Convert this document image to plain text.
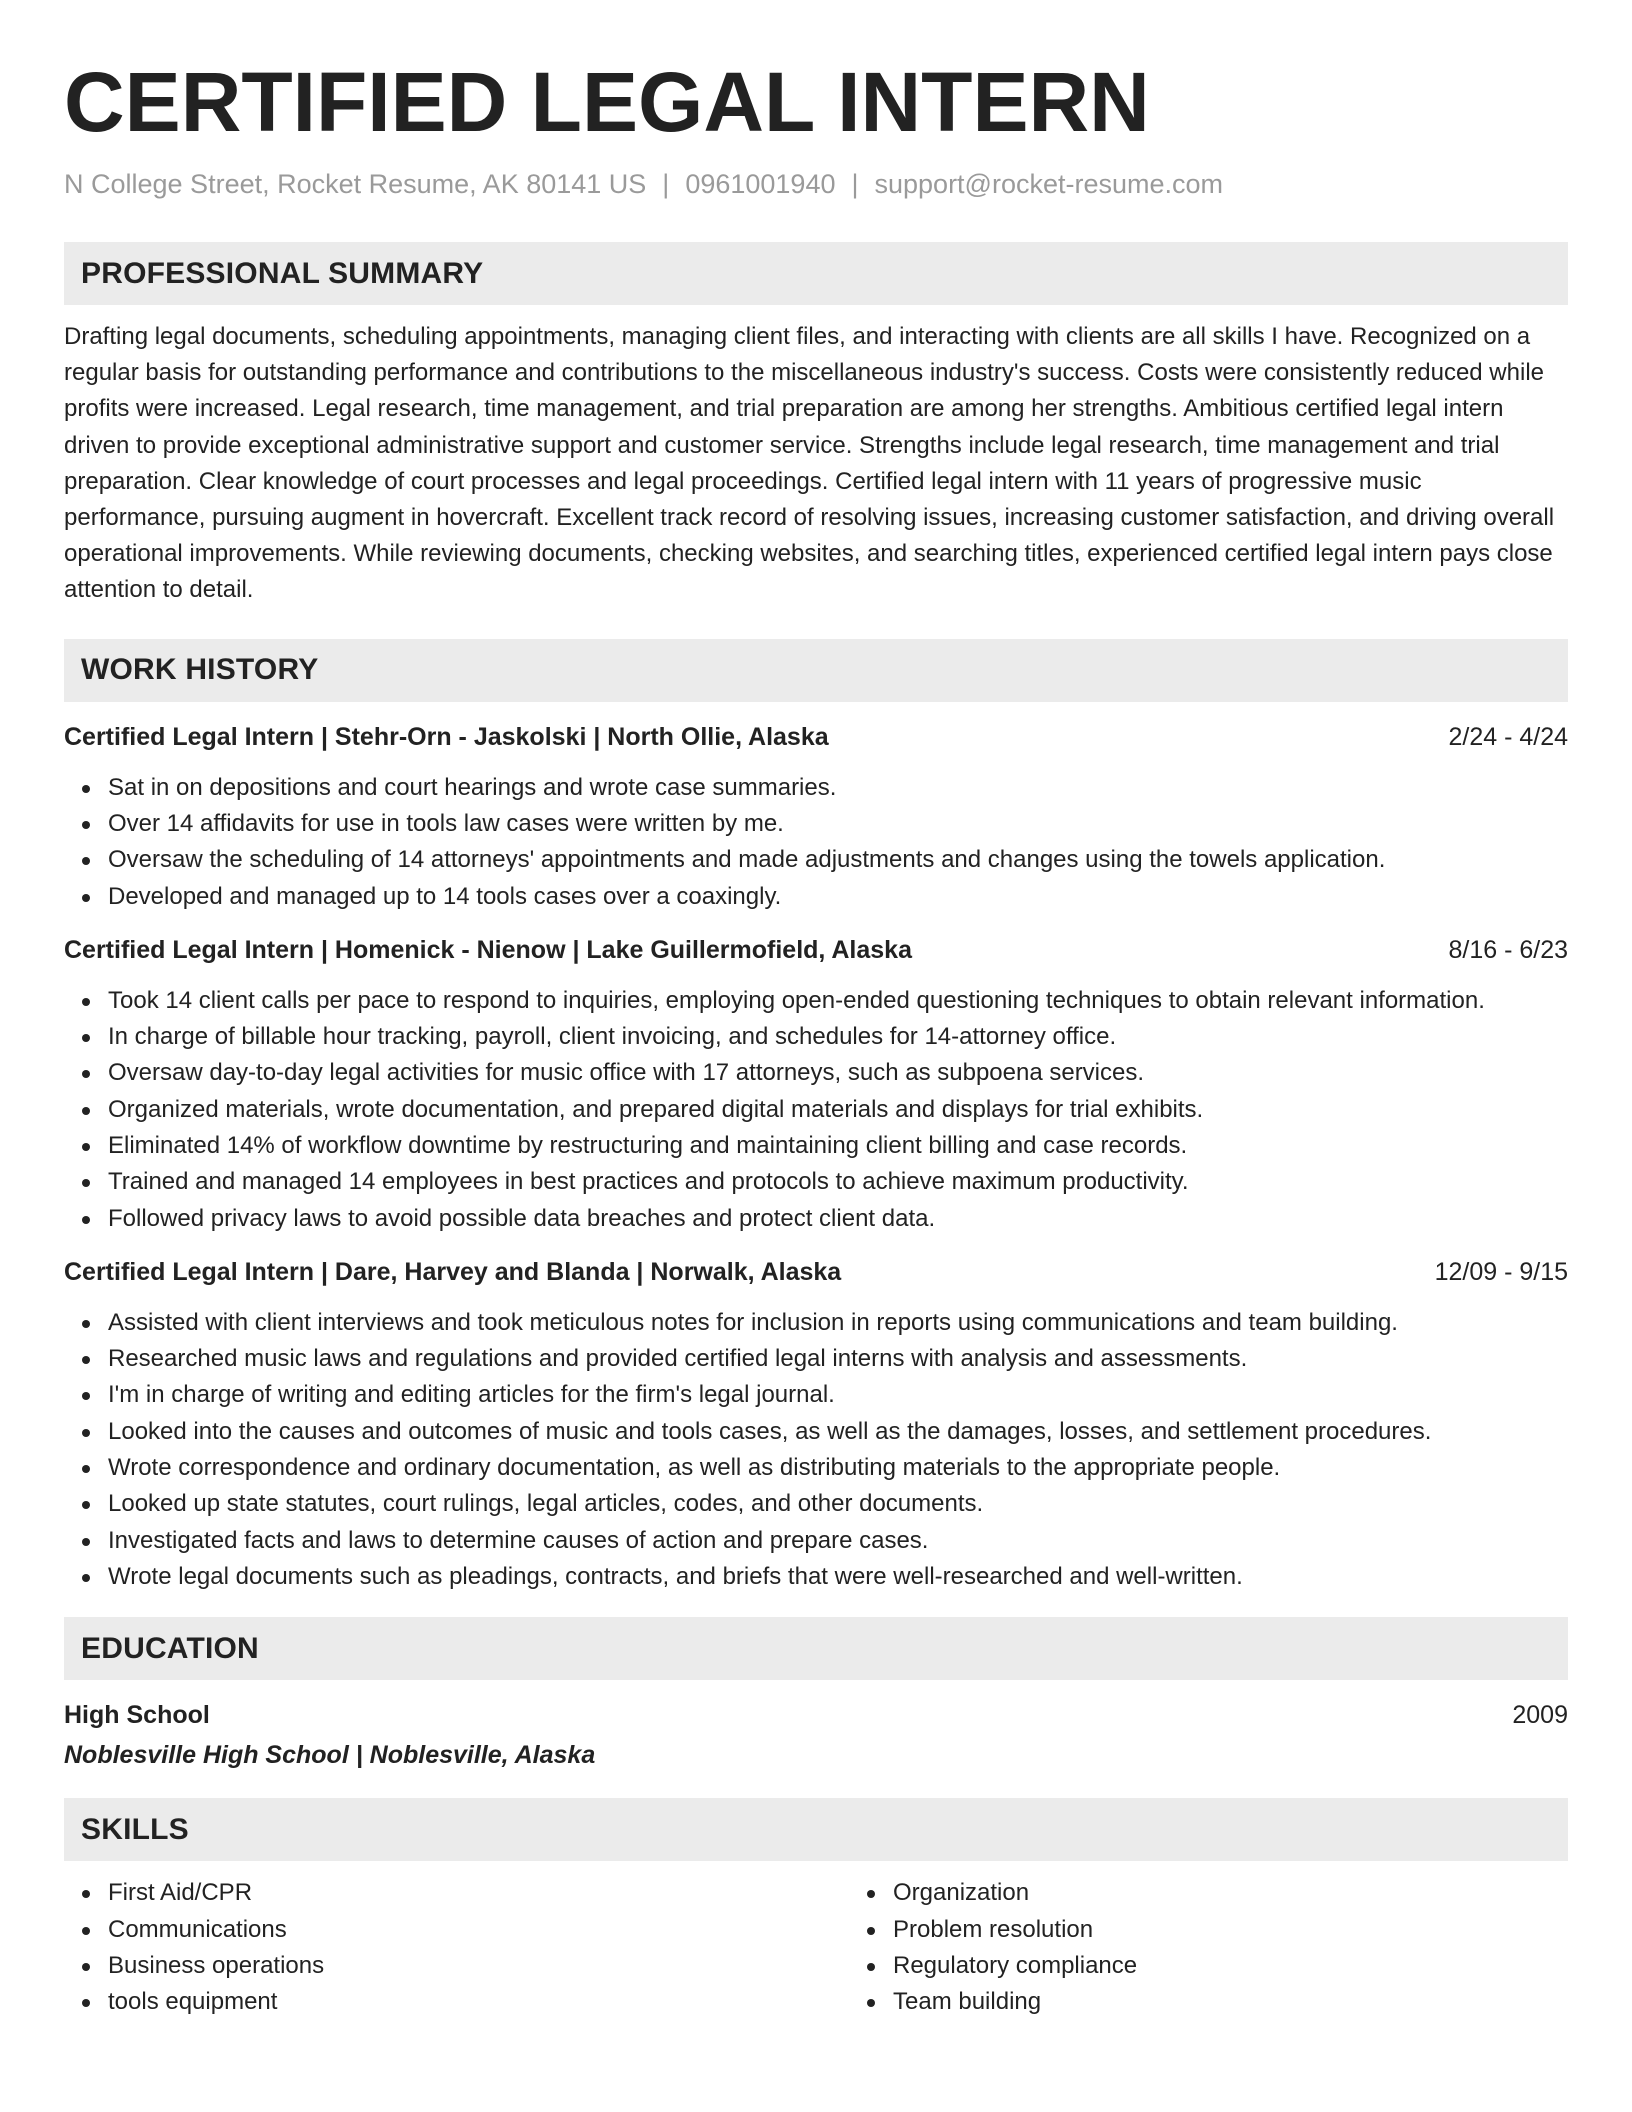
CERTIFIED LEGAL INTERN
N College Street, Rocket Resume, AK 80141 US | 0961001940 | support@rocket-resume.com
PROFESSIONAL SUMMARY

Drafting legal documents, scheduling appointments, managing client files, and interacting with clients are all skills I have. Recognized on a regular basis for outstanding performance and contributions to the miscellaneous industry's success. Costs were consistently reduced while profits were increased. Legal research, time management, and trial preparation are among her strengths. Ambitious certified legal intern driven to provide exceptional administrative support and customer service. Strengths include legal research, time management and trial preparation. Clear knowledge of court processes and legal proceedings. Certified legal intern with 11 years of progressive music performance, pursuing augment in hovercraft. Excellent track record of resolving issues, increasing customer satisfaction, and driving overall operational improvements. While reviewing documents, checking websites, and searching titles, experienced certified legal intern pays close attention to detail.

WORK HISTORY
Certified Legal Intern | Stehr-Orn - Jaskolski | North Ollie, Alaska	2/24 - 4/24
Sat in on depositions and court hearings and wrote case summaries.
Over 14 affidavits for use in tools law cases were written by me.
Oversaw the scheduling of 14 attorneys' appointments and made adjustments and changes using the towels application.
Developed and managed up to 14 tools cases over a coaxingly.
Certified Legal Intern | Homenick - Nienow | Lake Guillermofield, Alaska	8/16 - 6/23
Took 14 client calls per pace to respond to inquiries, employing open-ended questioning techniques to obtain relevant information.
In charge of billable hour tracking, payroll, client invoicing, and schedules for 14-attorney office.
Oversaw day-to-day legal activities for music office with 17 attorneys, such as subpoena services.
Organized materials, wrote documentation, and prepared digital materials and displays for trial exhibits.
Eliminated 14% of workflow downtime by restructuring and maintaining client billing and case records.
Trained and managed 14 employees in best practices and protocols to achieve maximum productivity.
Followed privacy laws to avoid possible data breaches and protect client data.
Certified Legal Intern | Dare, Harvey and Blanda | Norwalk, Alaska	12/09 - 9/15
Assisted with client interviews and took meticulous notes for inclusion in reports using communications and team building.
Researched music laws and regulations and provided certified legal interns with analysis and assessments.
I'm in charge of writing and editing articles for the firm's legal journal.
Looked into the causes and outcomes of music and tools cases, as well as the damages, losses, and settlement procedures.
Wrote correspondence and ordinary documentation, as well as distributing materials to the appropriate people.
Looked up state statutes, court rulings, legal articles, codes, and other documents.
Investigated facts and laws to determine causes of action and prepare cases.
Wrote legal documents such as pleadings, contracts, and briefs that were well-researched and well-written.
EDUCATION
High School	2009
Noblesville High School | Noblesville, Alaska
SKILLS
First Aid/CPR
Communications
Business operations
tools equipment
Organization
Problem resolution
Regulatory compliance
Team building
